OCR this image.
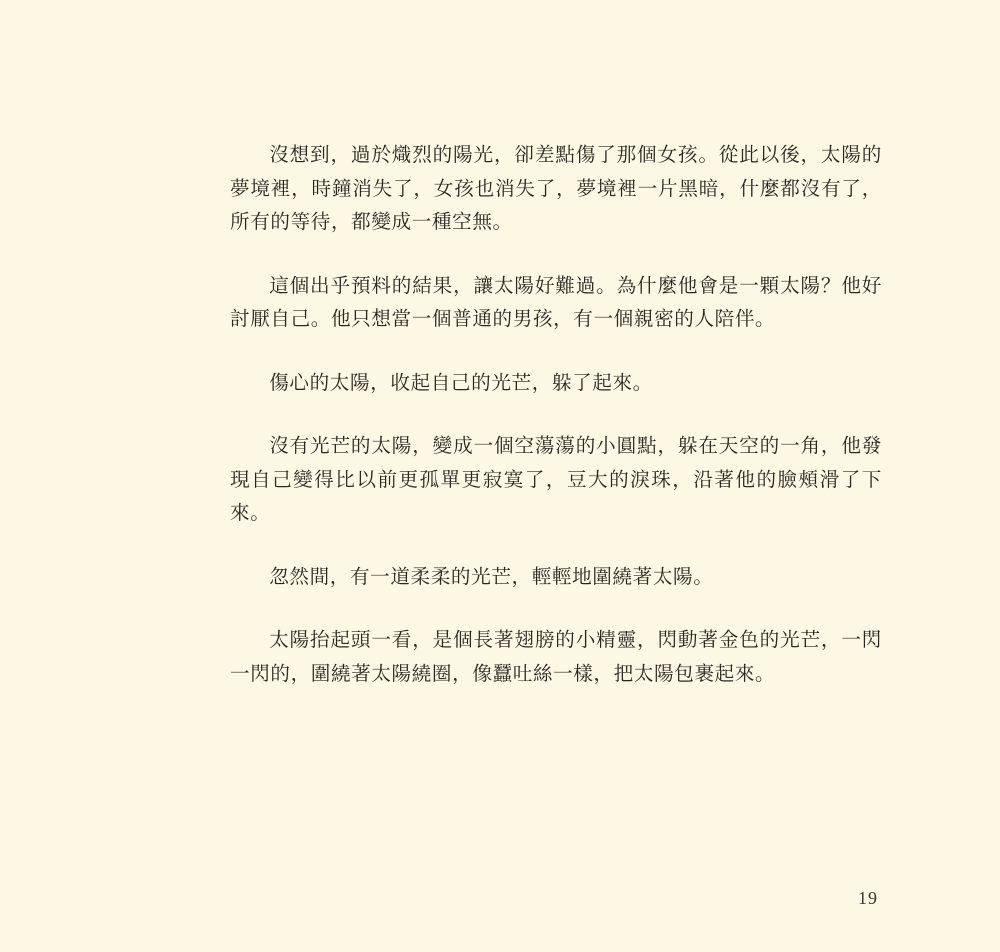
沒想到，過於熾烈的陽光，卻差點傷了那個女孩。從此以後，太陽的夢境裡，時鐘消失了，女孩也消失了，夢境裡一片黑暗，什麼都沒有了，所有的等待，都變成一種空無。

這個出乎預料的結果，讓太陽好難過。為什麼他會是一顆太陽？他好討厭自己。他只想當一個普通的男孩，有一個親密的人陪伴。

傷心的太陽，收起自己的光芒，躲了起來。

沒有光芒的太陽，變成一個空蕩蕩的小圓點，躲在天空的一角，他發現自己變得比以前更孤單更寂寞了，豆大的淚珠，沿著他的臉頰滑了下來。

忽然間，有一道柔柔的光芒，輕輕地圍繞著太陽。

太陽抬起頭一看，是個長著翅膀的小精靈，閃動著金色的光芒，一閃一閃的，圍繞著太陽繞圈，像蠶吐絲一樣，把太陽包裹起來。

19
